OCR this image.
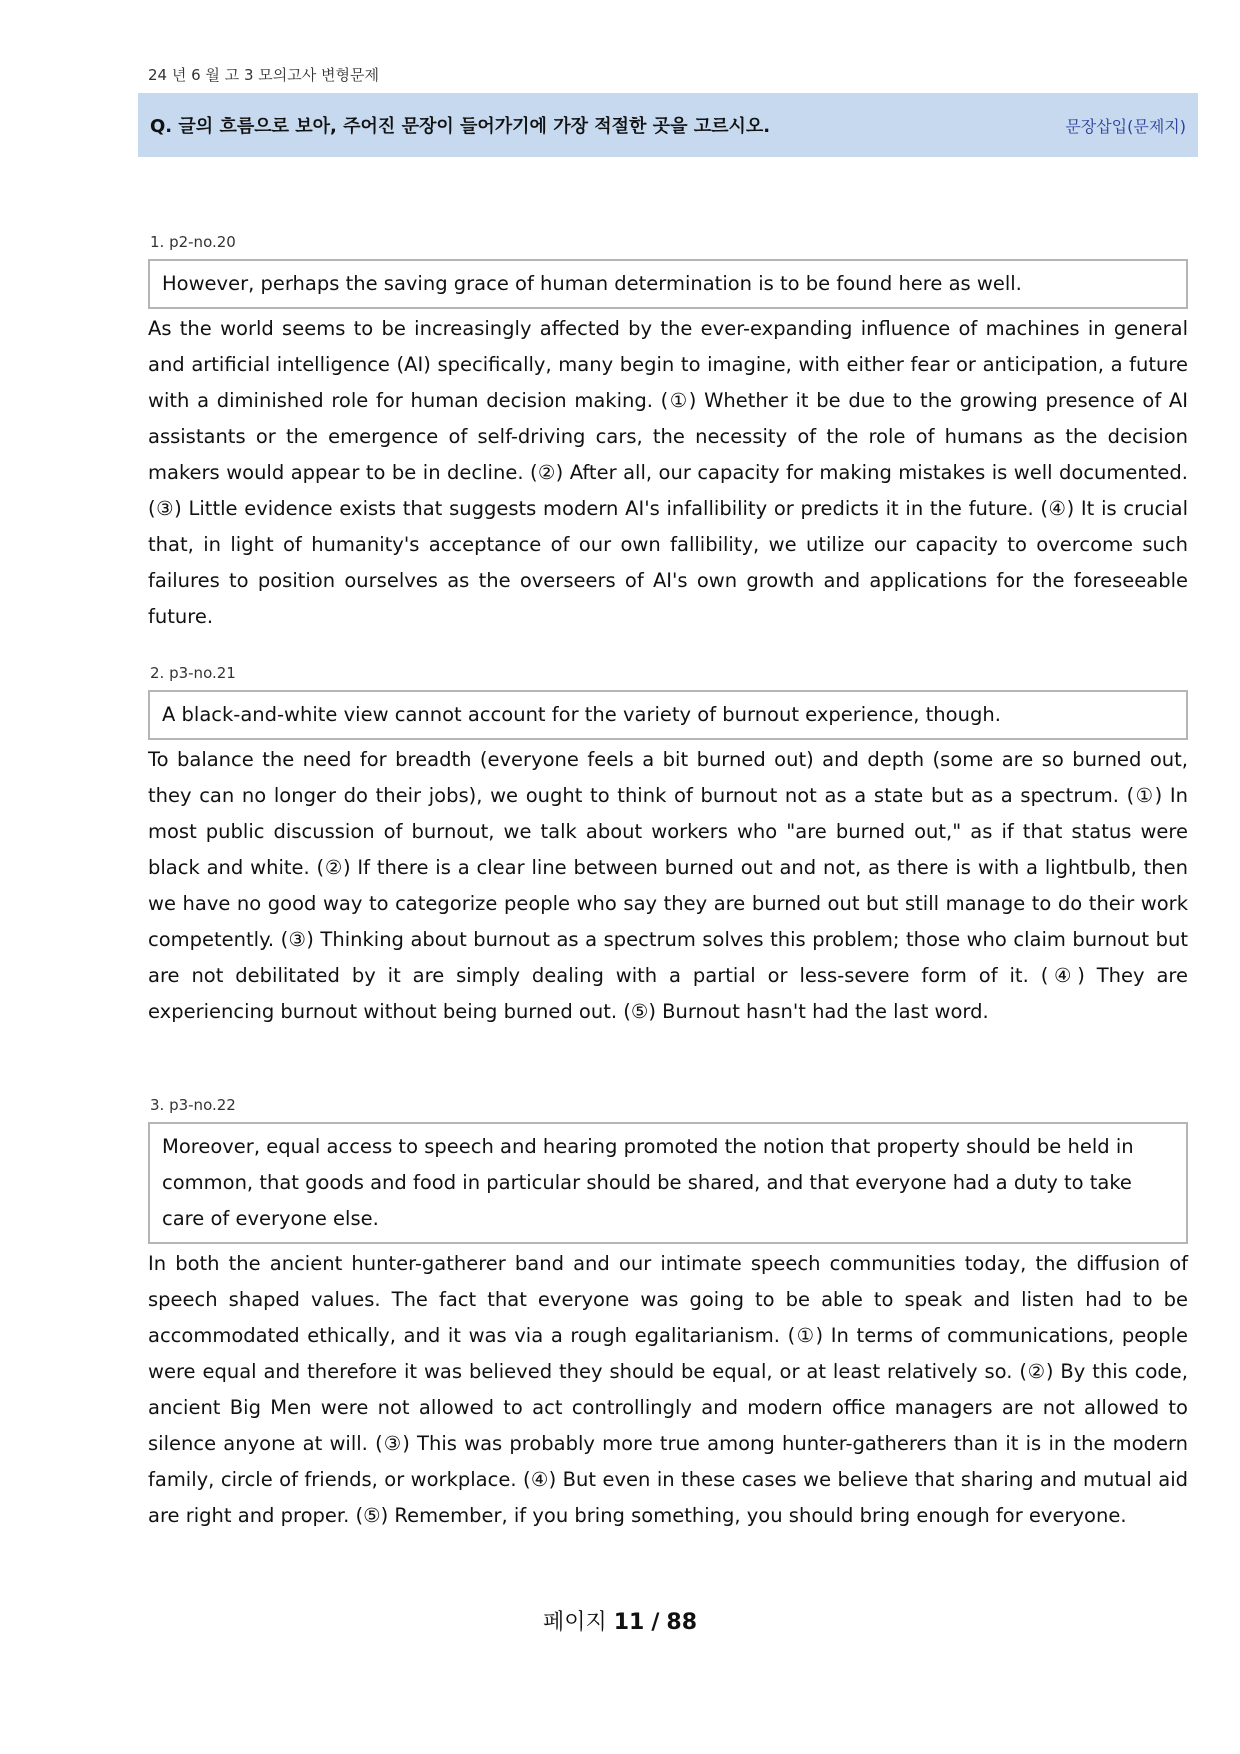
24 년 6 월 고 3 모의고사 변형문제
Q. 글의 흐름으로 보아, 주어진 문장이 들어가기에 가장 적절한 곳을 고르시오.	문장삽입(문제지)
1. p2-no.20
However, perhaps the saving grace of human determination is to be found here as well.
As the world seems to be increasingly affected by the ever-expanding influence of machines in general and artificial intelligence (AI) specifically, many begin to imagine, with either fear or anticipation, a future with a diminished role for human decision making. (①) Whether it be due to the growing presence of AI assistants or the emergence of self-driving cars, the necessity of the role of humans as the decision makers would appear to be in decline. (②) After all, our capacity for making mistakes is well documented. (③) Little evidence exists that suggests modern AI's infallibility or predicts it in the future. (④) It is crucial that, in light of humanity's acceptance of our own fallibility, we utilize our capacity to overcome such failures to position ourselves as the overseers of AI's own growth and applications for the foreseeable future.
2. p3-no.21
A black-and-white view cannot account for the variety of burnout experience, though.
To balance the need for breadth (everyone feels a bit burned out) and depth (some are so burned out, they can no longer do their jobs), we ought to think of burnout not as a state but as a spectrum. (①) In most public discussion of burnout, we talk about workers who "are burned out," as if that status were black and white. (②) If there is a clear line between burned out and not, as there is with a lightbulb, then we have no good way to categorize people who say they are burned out but still manage to do their work competently. (③) Thinking about burnout as a spectrum solves this problem; those who claim burnout but are not debilitated by it are simply dealing with a partial or less-severe form of it. (④) They are experiencing burnout without being burned out. (⑤) Burnout hasn't had the last word.
3. p3-no.22
Moreover, equal access to speech and hearing promoted the notion that property should be held in common, that goods and food in particular should be shared, and that everyone had a duty to take care of everyone else.
In both the ancient hunter-gatherer band and our intimate speech communities today, the diffusion of speech shaped values. The fact that everyone was going to be able to speak and listen had to be accommodated ethically, and it was via a rough egalitarianism. (①) In terms of communications, people were equal and therefore it was believed they should be equal, or at least relatively so. (②) By this code, ancient Big Men were not allowed to act controllingly and modern office managers are not allowed to silence anyone at will. (③) This was probably more true among hunter-gatherers than it is in the modern family, circle of friends, or workplace. (④) But even in these cases we believe that sharing and mutual aid are right and proper. (⑤) Remember, if you bring something, you should bring enough for everyone.
페이지 11 / 88
